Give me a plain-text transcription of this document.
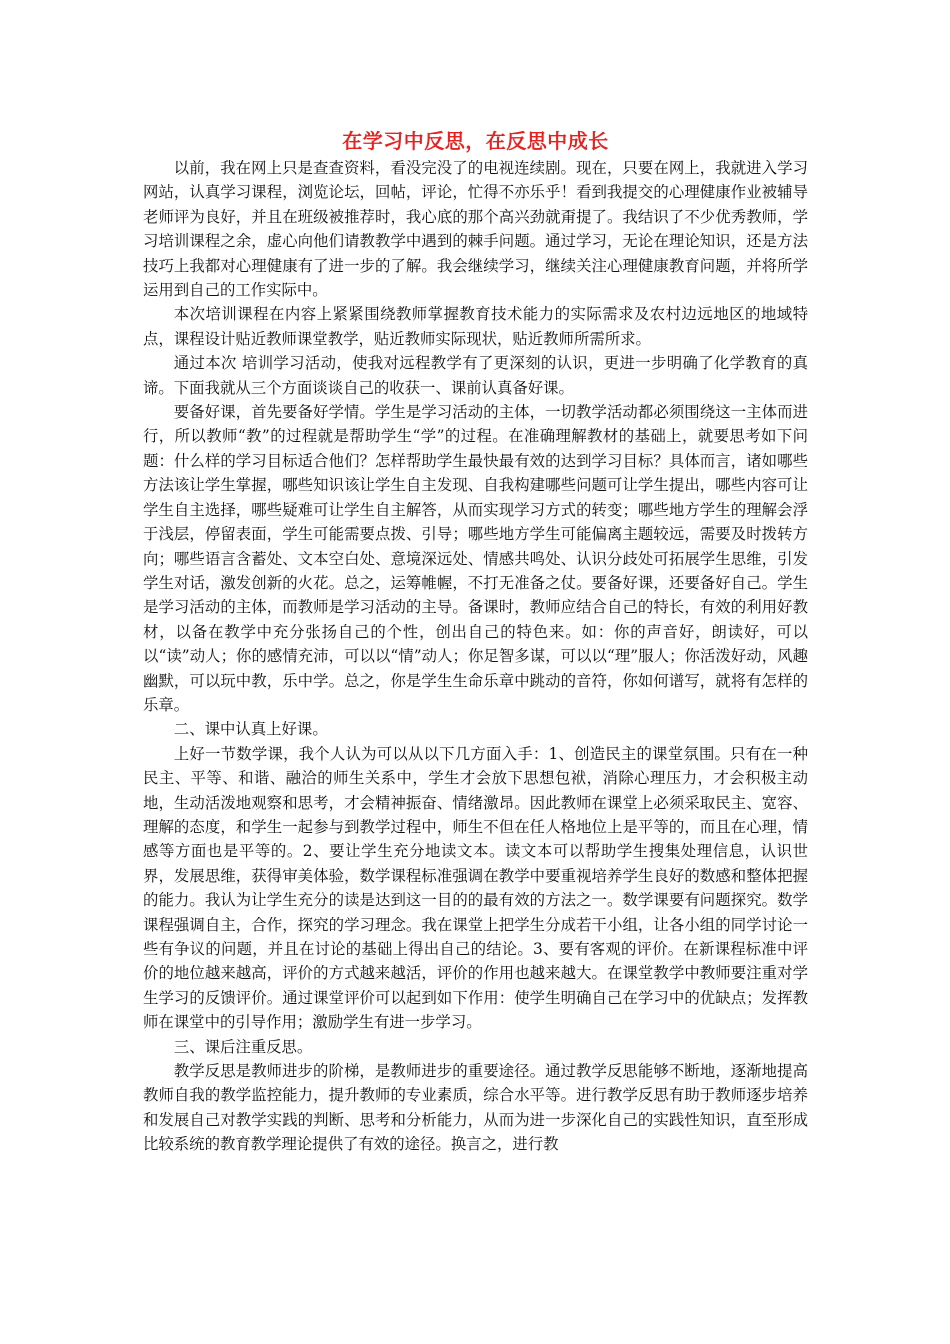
在学习中反思，在反思中成长

以前，我在网上只是查查资料，看没完没了的电视连续剧。现在，只要在网上，我就进入学习网站，认真学习课程，浏览论坛，回帖，评论，忙得不亦乐乎！看到我提交的心理健康作业被辅导老师评为良好，并且在班级被推荐时，我心底的那个高兴劲就甭提了。我结识了不少优秀教师，学习培训课程之余，虚心向他们请教教学中遇到的棘手问题。通过学习，无论在理论知识，还是方法技巧上我都对心理健康有了进一步的了解。我会继续学习，继续关注心理健康教育问题，并将所学运用到自己的工作实际中。

本次培训课程在内容上紧紧围绕教师掌握教育技术能力的实际需求及农村边远地区的地域特点，课程设计贴近教师课堂教学，贴近教师实际现状，贴近教师所需所求。

通过本次 培训学习活动，使我对远程教学有了更深刻的认识，更进一步明确了化学教育的真谛。下面我就从三个方面谈谈自己的收获一、课前认真备好课。

要备好课，首先要备好学情。学生是学习活动的主体，一切教学活动都必须围绕这一主体而进行，所以教师“教”的过程就是帮助学生“学”的过程。在准确理解教材的基础上，就要思考如下问题：什么样的学习目标适合他们？怎样帮助学生最快最有效的达到学习目标？具体而言，诸如哪些方法该让学生掌握，哪些知识该让学生自主发现、自我构建哪些问题可让学生提出，哪些内容可让学生自主选择，哪些疑难可让学生自主解答，从而实现学习方式的转变；哪些地方学生的理解会浮于浅层，停留表面，学生可能需要点拨、引导；哪些地方学生可能偏离主题较远，需要及时拨转方向；哪些语言含蓄处、文本空白处、意境深远处、情感共鸣处、认识分歧处可拓展学生思维，引发学生对话，激发创新的火花。总之，运筹帷幄，不打无准备之仗。要备好课，还要备好自己。学生是学习活动的主体，而教师是学习活动的主导。备课时，教师应结合自己的特长，有效的利用好教材，以备在教学中充分张扬自己的个性，创出自己的特色来。如：你的声音好，朗读好，可以以“读”动人；你的感情充沛，可以以“情”动人；你足智多谋，可以以“理”服人；你活泼好动，风趣幽默，可以玩中教，乐中学。总之，你是学生生命乐章中跳动的音符，你如何谱写，就将有怎样的乐章。

二、课中认真上好课。

上好一节数学课，我个人认为可以从以下几方面入手：1、创造民主的课堂氛围。只有在一种民主、平等、和谐、融洽的师生关系中，学生才会放下思想包袱，消除心理压力，才会积极主动地，生动活泼地观察和思考，才会精神振奋、情绪激昂。因此教师在课堂上必须采取民主、宽容、理解的态度，和学生一起参与到教学过程中，师生不但在任人格地位上是平等的，而且在心理，情感等方面也是平等的。2、要让学生充分地读文本。读文本可以帮助学生搜集处理信息，认识世界，发展思维，获得审美体验，数学课程标准强调在教学中要重视培养学生良好的数感和整体把握的能力。我认为让学生充分的读是达到这一目的的最有效的方法之一。数学课要有问题探究。数学课程强调自主，合作，探究的学习理念。我在课堂上把学生分成若干小组，让各小组的同学讨论一些有争议的问题，并且在讨论的基础上得出自己的结论。3、要有客观的评价。在新课程标准中评价的地位越来越高，评价的方式越来越活，评价的作用也越来越大。在课堂教学中教师要注重对学生学习的反馈评价。通过课堂评价可以起到如下作用：使学生明确自己在学习中的优缺点；发挥教师在课堂中的引导作用；激励学生有进一步学习。

三、课后注重反思。

教学反思是教师进步的阶梯，是教师进步的重要途径。通过教学反思能够不断地，逐渐地提高教师自我的教学监控能力，提升教师的专业素质，综合水平等。进行教学反思有助于教师逐步培养和发展自己对教学实践的判断、思考和分析能力，从而为进一步深化自己的实践性知识，直至形成比较系统的教育教学理论提供了有效的途径。换言之，进行教
